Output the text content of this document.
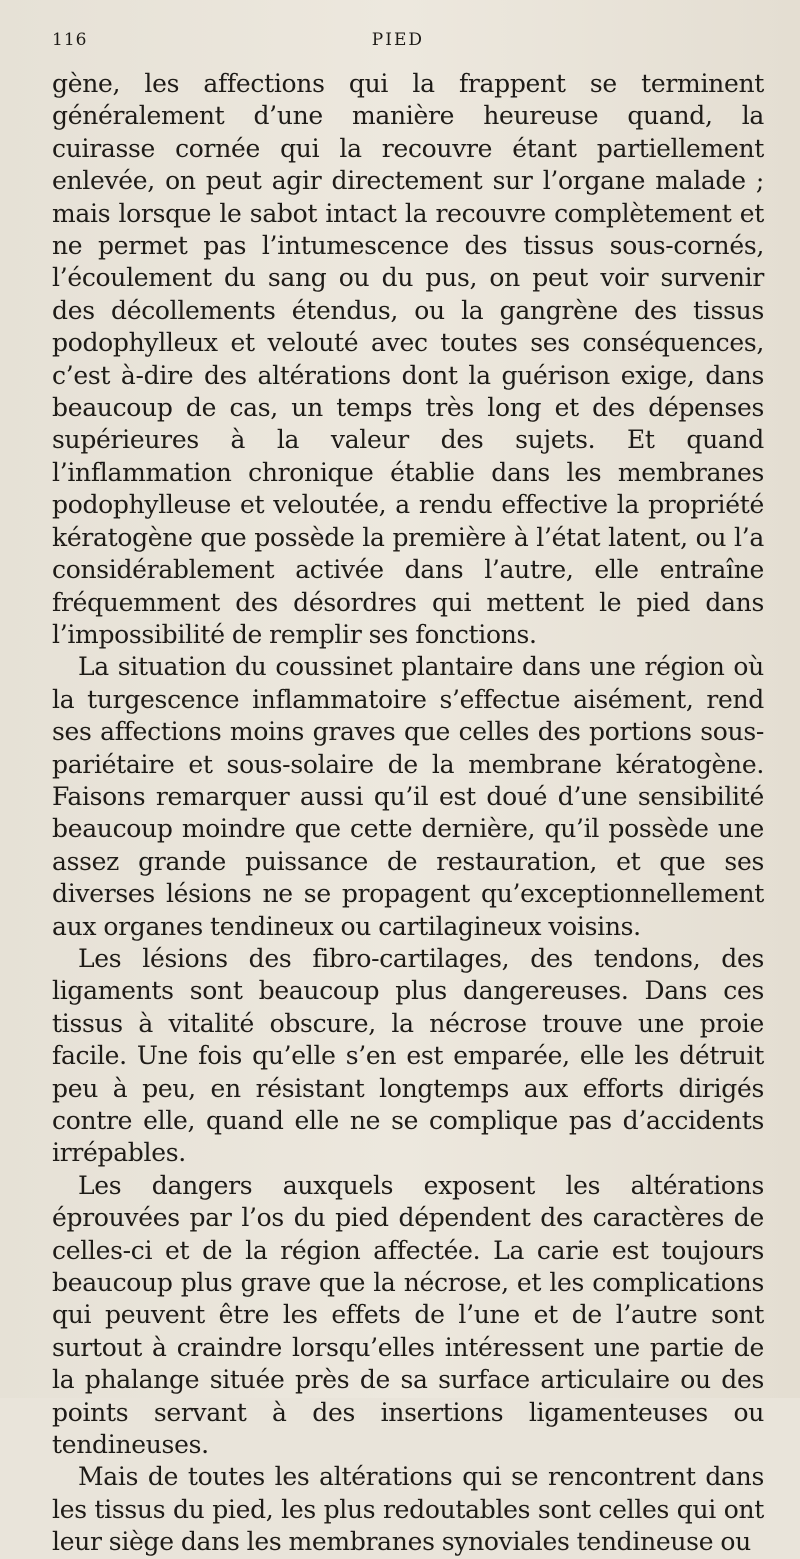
116	PIED

gène, les affections qui la frappent se terminent généralement d’une manière heureuse quand, la cuirasse cornée qui la recouvre étant partiellement enlevée, on peut agir directement sur l’organe malade ; mais lorsque le sabot intact la recouvre complètement et ne permet pas l’intumescence des tissus sous-cornés, l’écoulement du sang ou du pus, on peut voir survenir des décollements étendus, ou la gangrène des tissus podophylleux et velouté avec toutes ses conséquences, c’est à-dire des altérations dont la guérison exige, dans beaucoup de cas, un temps très long et des dépenses supérieures à la valeur des sujets. Et quand l’inflammation chronique établie dans les membranes podophylleuse et veloutée, a rendu effective la propriété kératogène que possède la première à l’état latent, ou l’a considérablement activée dans l’autre, elle entraîne fréquemment des désordres qui mettent le pied dans l’impossibilité de remplir ses fonctions.

La situation du coussinet plantaire dans une région où la turgescence inflammatoire s’effectue aisément, rend ses affections moins graves que celles des portions sous-pariétaire et sous-solaire de la membrane kératogène. Faisons remarquer aussi qu’il est doué d’une sensibilité beaucoup moindre que cette dernière, qu’il possède une assez grande puissance de restauration, et que ses diverses lésions ne se propagent qu’exceptionnellement aux organes tendineux ou cartilagineux voisins.

Les lésions des fibro-cartilages, des tendons, des ligaments sont beaucoup plus dangereuses. Dans ces tissus à vitalité obscure, la nécrose trouve une proie facile. Une fois qu’elle s’en est emparée, elle les détruit peu à peu, en résistant longtemps aux efforts dirigés contre elle, quand elle ne se complique pas d’accidents irrépables.

Les dangers auxquels exposent les altérations éprouvées par l’os du pied dépendent des caractères de celles-ci et de la région affectée. La carie est toujours beaucoup plus grave que la nécrose, et les complications qui peuvent être les effets de l’une et de l’autre sont surtout à craindre lorsqu’elles intéressent une partie de la phalange située près de sa surface articulaire ou des points servant à des insertions ligamenteuses ou tendineuses.

Mais de toutes les altérations qui se rencontrent dans les tissus du pied, les plus redoutables sont celles qui ont leur siège dans les membranes synoviales tendineuse ou
